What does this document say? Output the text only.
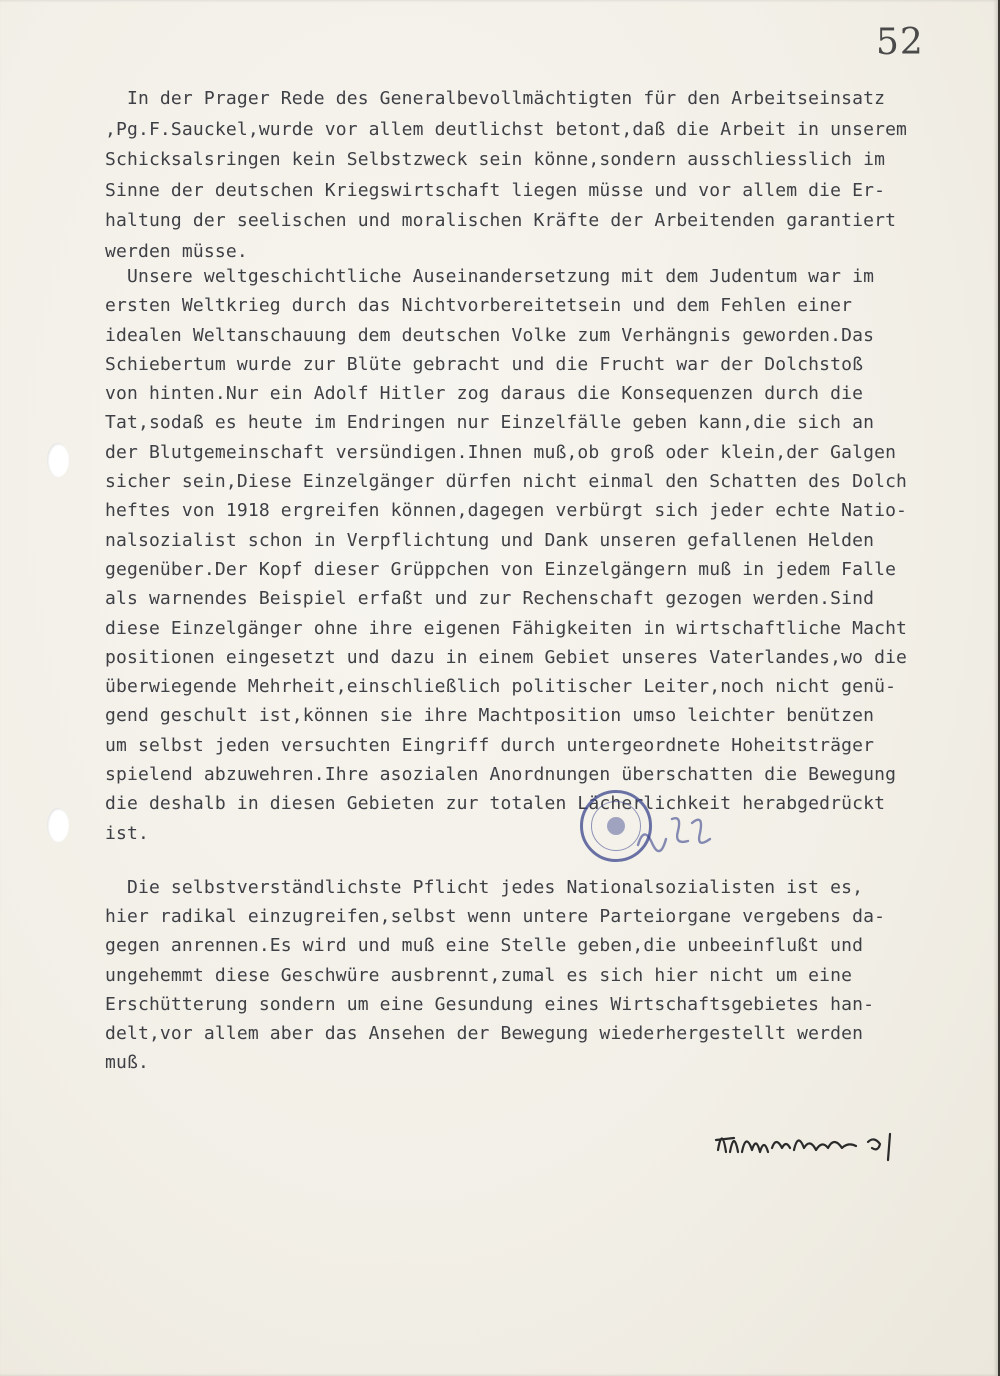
52
In der Prager Rede des Generalbevollmächtigten für den Arbeitseinsatz
,Pg.F.Sauckel,wurde vor allem deutlichst betont,daß die Arbeit in unserem
Schicksalsringen kein Selbstzweck sein könne,sondern ausschliesslich im
Sinne der deutschen Kriegswirtschaft liegen müsse und vor allem die Er-
haltung der seelischen und moralischen Kräfte der Arbeitenden garantiert
werden müsse.
Unsere weltgeschichtliche Auseinandersetzung mit dem Judentum war im
ersten Weltkrieg durch das Nichtvorbereitetsein und dem Fehlen einer
idealen Weltanschauung dem deutschen Volke zum Verhängnis geworden.Das
Schiebertum wurde zur Blüte gebracht und die Frucht war der Dolchstoß
von hinten.Nur ein Adolf Hitler zog daraus die Konsequenzen durch die
Tat,sodaß es heute im Endringen nur Einzelfälle geben kann,die sich an
der Blutgemeinschaft versündigen.Ihnen muß,ob groß oder klein,der Galgen
sicher sein,Diese Einzelgänger dürfen nicht einmal den Schatten des Dolch
heftes von 1918 ergreifen können,dagegen verbürgt sich jeder echte Natio-
nalsozialist schon in Verpflichtung und Dank unseren gefallenen Helden
gegenüber.Der Kopf dieser Grüppchen von Einzelgängern muß in jedem Falle
als warnendes Beispiel erfaßt und zur Rechenschaft gezogen werden.Sind
diese Einzelgänger ohne ihre eigenen Fähigkeiten in wirtschaftliche Macht
positionen eingesetzt und dazu in einem Gebiet unseres Vaterlandes,wo die
überwiegende Mehrheit,einschließlich politischer Leiter,noch nicht genü-
gend geschult ist,können sie ihre Machtposition umso leichter benützen
um selbst jeden versuchten Eingriff durch untergeordnete Hoheitsträger
spielend abzuwehren.Ihre asozialen Anordnungen überschatten die Bewegung
die deshalb in diesen Gebieten zur totalen Lächerlichkeit herabgedrückt
ist.
Die selbstverständlichste Pflicht jedes Nationalsozialisten ist es,
hier radikal einzugreifen,selbst wenn untere Parteiorgane vergebens da-
gegen anrennen.Es wird und muß eine Stelle geben,die unbeeinflußt und
ungehemmt diese Geschwüre ausbrennt,zumal es sich hier nicht um eine
Erschütterung sondern um eine Gesundung eines Wirtschaftsgebietes han-
delt,vor allem aber das Ansehen der Bewegung wiederhergestellt werden
muß.
